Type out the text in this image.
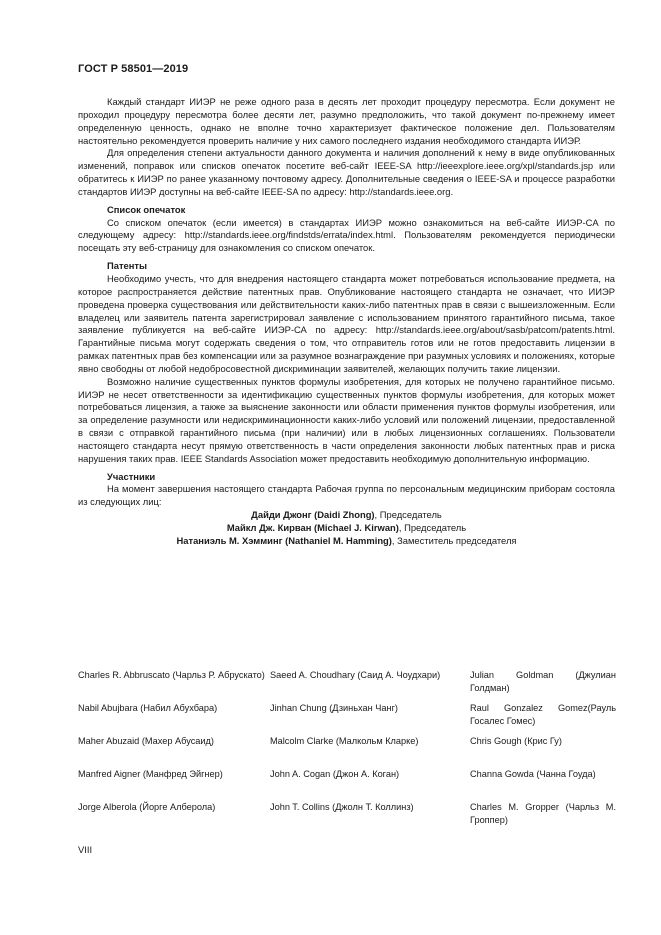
ГОСТ Р 58501—2019

Каждый стандарт ИИЭР не реже одного раза в десять лет проходит процедуру пересмотра. Если документ не проходил процедуру пересмотра более десяти лет, разумно предположить, что такой документ по-прежнему имеет определенную ценность, однако не вполне точно характеризует фактическое положение дел. Пользователям настоятельно рекомендуется проверить наличие у них самого последнего издания необходимого стандарта ИИЭР.

Для определения степени актуальности данного документа и наличия дополнений к нему в виде опубликованных изменений, поправок или списков опечаток посетите веб-сайт IEEE-SA http://ieeexplore.ieee.org/xpl/standards.jsp или обратитесь к ИИЭР по ранее указанному почтовому адресу. Дополнительные сведения о IEEE-SA и процессе разработки стандартов ИИЭР доступны на веб-сайте IEEE-SA по адресу: http://standards.ieee.org.

Список опечаток

Со списком опечаток (если имеется) в стандартах ИИЭР можно ознакомиться на веб-сайте ИИЭР-CA по следующему адресу: http://standards.ieee.org/findstds/errata/index.html. Пользователям рекомендуется периодически посещать эту веб-страницу для ознакомления со списком опечаток.

Патенты

Необходимо учесть, что для внедрения настоящего стандарта может потребоваться использование предмета, на которое распространяется действие патентных прав. Опубликование настоящего стандарта не означает, что ИИЭР проведена проверка существования или действительности каких-либо патентных прав в связи с вышеизложенным. Если владелец или заявитель патента зарегистрировал заявление с использованием принятого гарантийного письма, такое заявление публикуется на веб-сайте ИИЭР-СА по адресу: http://standards.ieee.org/about/sasb/patcom/patents.html. Гарантийные письма могут содержать сведения о том, что отправитель готов или не готов предоставить лицензии в рамках патентных прав без компенсации или за разумное вознаграждение при разумных условиях и положениях, которые явно свободны от любой недобросовестной дискриминации заявителей, желающих получить такие лицензии.

Возможно наличие существенных пунктов формулы изобретения, для которых не получено гарантийное письмо. ИИЭР не несет ответственности за идентификацию существенных пунктов формулы изобретения, для которых может потребоваться лицензия, а также за выяснение законности или области применения пунктов формулы изобретения, или за определение разумности или недискриминационности каких-либо условий или положений лицензии, предоставленной в связи с отправкой гарантийного письма (при наличии) или в любых лицензионных соглашениях. Пользователи настоящего стандарта несут прямую ответственность в части определения законности любых патентных прав и риска нарушения таких прав. IEEE Standards Association может предоставить необходимую дополнительную информацию.

Участники

На момент завершения настоящего стандарта Рабочая группа по персональным медицинским приборам состояла из следующих лиц:

Дайди Джонг (Daidi Zhong), Председатель

Майкл Дж. Кирван (Michael J. Kirwan), Председатель

Натаниэль М. Хэмминг (Nathaniel M. Hamming), Заместитель председателя

Charles R. Abbruscato (Чарльз Р. Абрускато) Saeed A. Choudhary (Саид А. Чоудхари)	Julian Goldman (Джулиан Голдман)
Nabil Abujbara (Набил Абухбара)	Jinhan Chung (Дзиньхан Чанг)	Raul Gonzalez Gomez(Рауль Госалес Гомес)
Maher Abuzaid (Махер Абусаид)	Malcolm Clarke (Малкольм Кларке)	Chris Gough (Крис Гу)
Manfred Aigner (Манфред Эйгнер)	John A. Cogan (Джон А. Коган)	Channa Gowda (Чанна Гоуда)
Jorge Alberola (Йорге Алберола)	John T. Collins (Джолн Т. Коллинз)	Charles M. Gropper (Чарльз М. Гроппер)
VIII
